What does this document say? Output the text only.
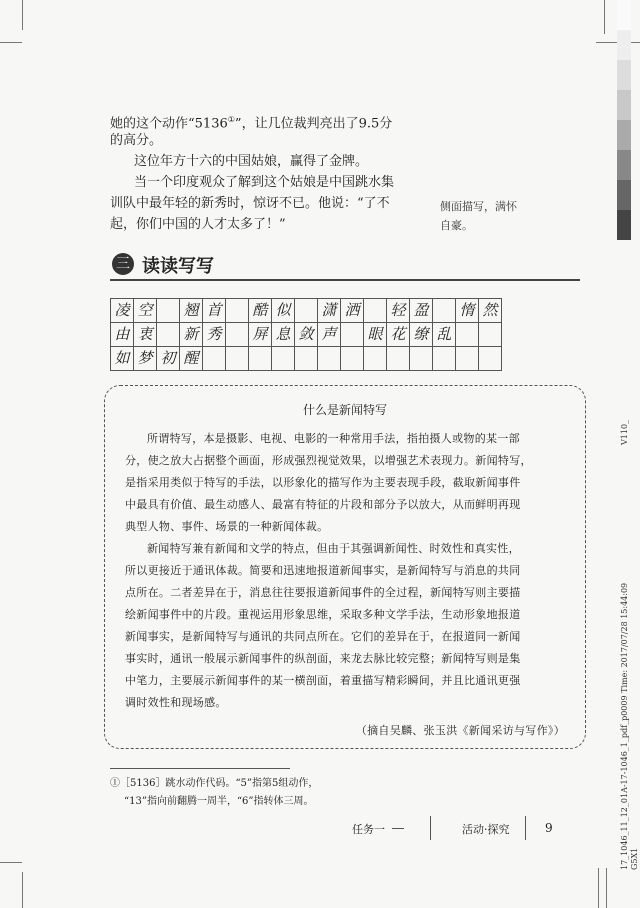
她的这个动作“5136①”，让几位裁判亮出了9.5分
的高分。
这位年方十六的中国姑娘，赢得了金牌。
当一个印度观众了解到这个姑娘是中国跳水集
训队中最年轻的新秀时，惊讶不已。他说：“了不
起，你们中国的人才太多了！”
侧面描写，满怀
自豪。
三 读读写写
凌	空		翘	首		酷	似		潇	洒		轻	盈		惰	然
由	衷		新	秀		屏	息	敛	声		眼	花	缭	乱		
如	梦	初	醒													
什么是新闻特写
所谓特写，本是摄影、电视、电影的一种常用手法，指拍摄人或物的某一部
分，使之放大占据整个画面，形成强烈视觉效果，以增强艺术表现力。新闻特写，
是指采用类似于特写的手法，以形象化的描写作为主要表现手段，截取新闻事件
中最具有价值、最生动感人、最富有特征的片段和部分予以放大，从而鲜明再现
典型人物、事件、场景的一种新闻体裁。
新闻特写兼有新闻和文学的特点，但由于其强调新闻性、时效性和真实性，
所以更接近于通讯体裁。简要和迅速地报道新闻事实，是新闻特写与消息的共同
点所在。二者差异在于，消息往往要报道新闻事件的全过程，新闻特写则主要描
绘新闻事件中的片段。重视运用形象思维，采取多种文学手法，生动形象地报道
新闻事实，是新闻特写与通讯的共同点所在。它们的差异在于，在报道同一新闻
事实时，通讯一般展示新闻事件的纵剖面，来龙去脉比较完整；新闻特写则是集
中笔力，主要展示新闻事件的某一横剖面，着重描写精彩瞬间，并且比通讯更强
调时效性和现场感。
（摘自吴麟、张玉洪《新闻采访与写作》）
①［5136］跳水动作代码。“5”指第5组动作，
“13”指向前翻腾一周半，“6”指转体三周。
任务一	活动·探究	9
V110_
17_1046_11_12_01A-17-1046_1_pdf_p0009 Time: 2017/07/28 15:44:09 G5X1
